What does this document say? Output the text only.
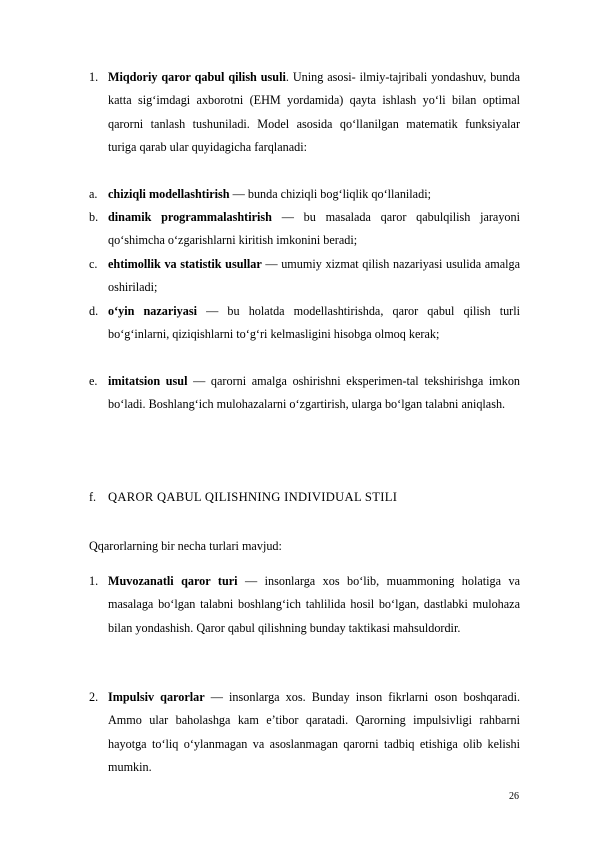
1. Miqdoriy qaror qabul qilish usuli. Uning asosi- ilmiy-tajribali yondashuv, bunda katta sig‘imdagi axborotni (EHM yordamida) qayta ishlash yo‘li bilan optimal qarorni tanlash tushuniladi. Model asosida qo‘llanilgan matematik funksiyalar turiga qarab ular quyidagicha farqlanadi:
a. chiziqli modellashtirish — bunda chiziqli bog‘liqlik qo‘llaniladi;
b. dinamik programmalashtirish — bu masalada qaror qabulqilish jarayoni qo‘shimcha o‘zgarishlarni kiritish imkonini beradi;
c. ehtimollik va statistik usullar — umumiy xizmat qilish nazariyasi usulida amalga oshiriladi;
d. o‘yin nazariyasi — bu holatda modellashtirishda, qaror qabul qilish turli bo‘g‘inlarni, qiziqishlarni to‘g‘ri kelmasligini hisobga olmoq kerak;
e. imitatsion usul — qarorni amalga oshirishni eksperimen-tal tekshirishga imkon bo‘ladi. Boshlang‘ich mulohazalarni o‘zgartirish, ularga bo‘lgan talabni aniqlash.
f. QAROR QABUL QILISHNING INDIVIDUAL STILI
Qqarorlarning bir necha turlari mavjud:
1. Muvozanatli qaror turi — insonlarga xos bo‘lib, muammoning holatiga va masalaga bo‘lgan talabni boshlang‘ich tahlilida hosil bo‘lgan, dastlabki mulohaza bilan yondashish. Qaror qabul qilishning bunday taktikasi mahsuldordir.
2. Impulsiv qarorlar — insonlarga xos. Bunday inson fikrlarni oson boshqaradi. Ammo ular baholashga kam e’tibor qaratadi. Qarorning impulsivligi rahbarni hayotga to‘liq o‘ylanmagan va asoslanmagan qarorni tadbiq etishiga olib kelishi mumkin.
26
